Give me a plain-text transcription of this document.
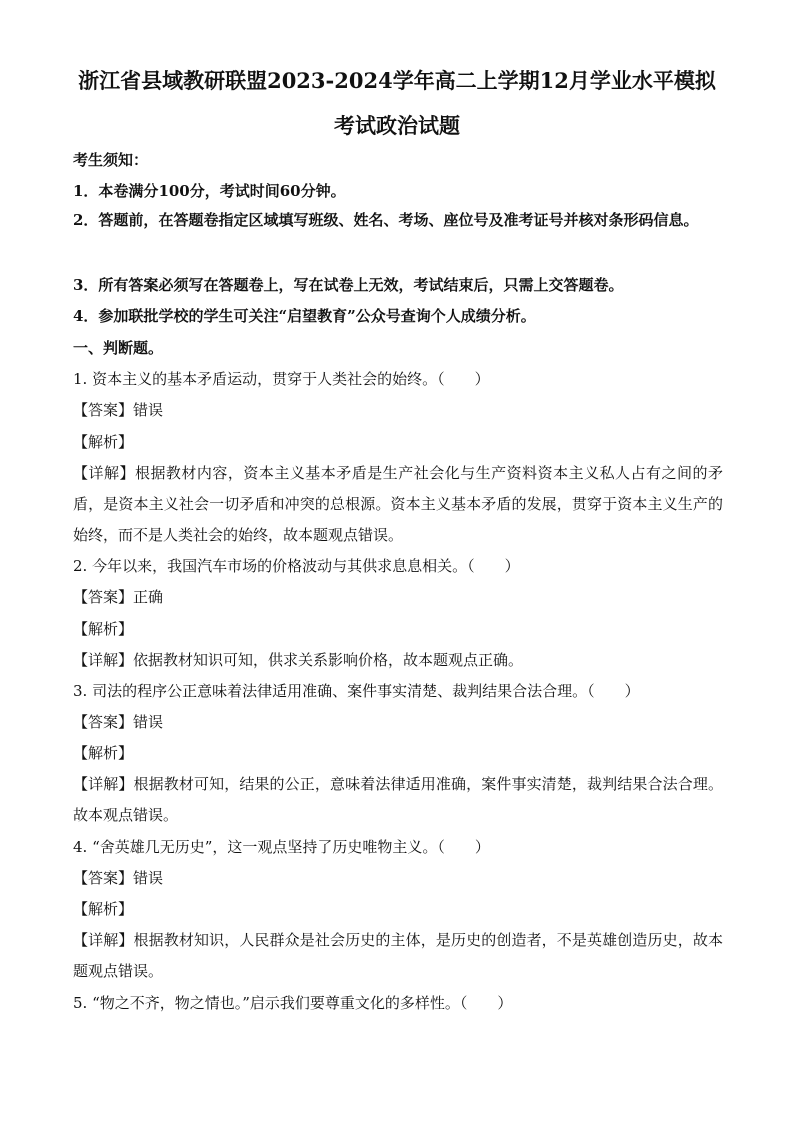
浙江省县域教研联盟2023-2024学年高二上学期12月学业水平模拟
考试政治试题
考生须知：
1．本卷满分100分，考试时间60分钟。
2．答题前，在答题卷指定区域填写班级、姓名、考场、座位号及准考证号并核对条形码信息。
3．所有答案必须写在答题卷上，写在试卷上无效，考试结束后，只需上交答题卷。
4．参加联批学校的学生可关注“启望教育”公众号查询个人成绩分析。
一、判断题。
1. 资本主义的基本矛盾运动，贯穿于人类社会的始终。（　　）
【答案】错误
【解析】
【详解】根据教材内容，资本主义基本矛盾是生产社会化与生产资料资本主义私人占有之间的矛盾，是资本主义社会一切矛盾和冲突的总根源。资本主义基本矛盾的发展，贯穿于资本主义生产的始终，而不是人类社会的始终，故本题观点错误。
2. 今年以来，我国汽车市场的价格波动与其供求息息相关。（　　）
【答案】正确
【解析】
【详解】依据教材知识可知，供求关系影响价格，故本题观点正确。
3. 司法的程序公正意味着法律适用准确、案件事实清楚、裁判结果合法合理。（　　）
【答案】错误
【解析】
【详解】根据教材可知，结果的公正，意味着法律适用准确，案件事实清楚，裁判结果合法合理。故本观点错误。
4. “舍英雄几无历史”，这一观点坚持了历史唯物主义。（　　）
【答案】错误
【解析】
【详解】根据教材知识，人民群众是社会历史的主体，是历史的创造者，不是英雄创造历史，故本题观点错误。
5. “物之不齐，物之情也。”启示我们要尊重文化的多样性。（　　）
